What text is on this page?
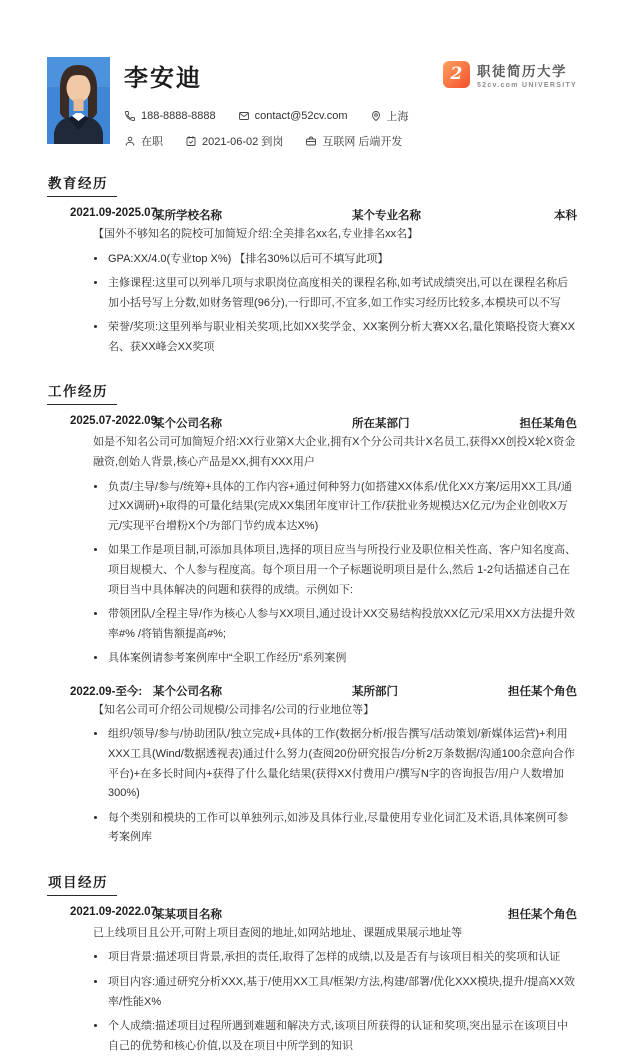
李安迪
188-8888-8888	contact@52cv.com	上海
在职	2021-06-02 到岗	互联网 后端开发
2 职徒简历大学
52cv.com UNIVERSITY
教育经历
2021.09-2025.07:
某所学校名称	某个专业名称	本科
【国外不够知名的院校可加简短介绍:全美排名xx名,专业排名xx名】
• GPA:XX/4.0(专业top X%) 【排名30%以后可不填写此项】
• 主修课程:这里可以列举几项与求职岗位高度相关的课程名称,如考试成绩突出,可以在课程名称后加小括号写上分数,如财务管理(96分),一行即可,不宜多,如工作实习经历比较多,本模块可以不写
• 荣誉/奖项:这里列举与职业相关奖项,比如XX奖学金、XX案例分析大赛XX名,量化策略投资大赛XX名、获XX峰会XX奖项
工作经历
2025.07-2022.09:
某个公司名称	所在某部门	担任某角色
如是不知名公司可加简短介绍:XX行业第X大企业,拥有X个分公司共计X名员工,获得XX创投X轮X资金融资,创始人背景,核心产品是XX,拥有XXX用户
• 负责/主导/参与/统筹+具体的工作内容+通过何种努力(如搭建XX体系/优化XX方案/运用XX工具/通过XX调研)+取得的可量化结果(完成XX集团年度审计工作/获批业务规模达X亿元/为企业创收X万元/实现平台增粉X个/为部门节约成本达X%)
• 如果工作是项目制,可添加具体项目,选择的项目应当与所投行业及职位相关性高、客户知名度高、项目规模大、个人参与程度高。每个项目用一个子标题说明项目是什么,然后 1-2句话描述自己在项目当中具体解决的问题和获得的成绩。示例如下:
• 带领团队/全程主导/作为核心人参与XX项目,通过设计XX交易结构投放XX亿元/采用XX方法提升效率#% /将销售额提高#%;
• 具体案例请参考案例库中“全职工作经历”系列案例
2022.09-至今: 某个公司名称	某所部门	担任某个角色
【知名公司可介绍公司规模/公司排名/公司的行业地位等】
• 组织/领导/参与/协助团队/独立完成+具体的工作(数据分析/报告撰写/活动策划/新媒体运营)+利用XXX工具(Wind/数据透视表)通过什么努力(查阅20份研究报告/分析2万条数据/沟通100余意向合作平台)+在多长时间内+获得了什么量化结果(获得XX付费用户/撰写N字的咨询报告/用户人数增加300%)
• 每个类别和模块的工作可以单独列示,如涉及具体行业,尽量使用专业化词汇及术语,具体案例可参考案例库
项目经历
2021.09-2022.07:
某某项目名称	担任某个角色
已上线项目且公开,可附上项目查阅的地址,如网站地址、课题成果展示地址等
• 项目背景:描述项目背景,承担的责任,取得了怎样的成绩,以及是否有与该项目相关的奖项和认证
• 项目内容:通过研究分析XXX,基于/使用XX工具/框架/方法,构建/部署/优化XXX模块,提升/提高XX效率/性能X%
• 个人成绩:描述项目过程所遇到难题和解决方式,该项目所获得的认证和奖项,突出显示在该项目中自己的优势和核心价值,以及在项目中所学到的知识
